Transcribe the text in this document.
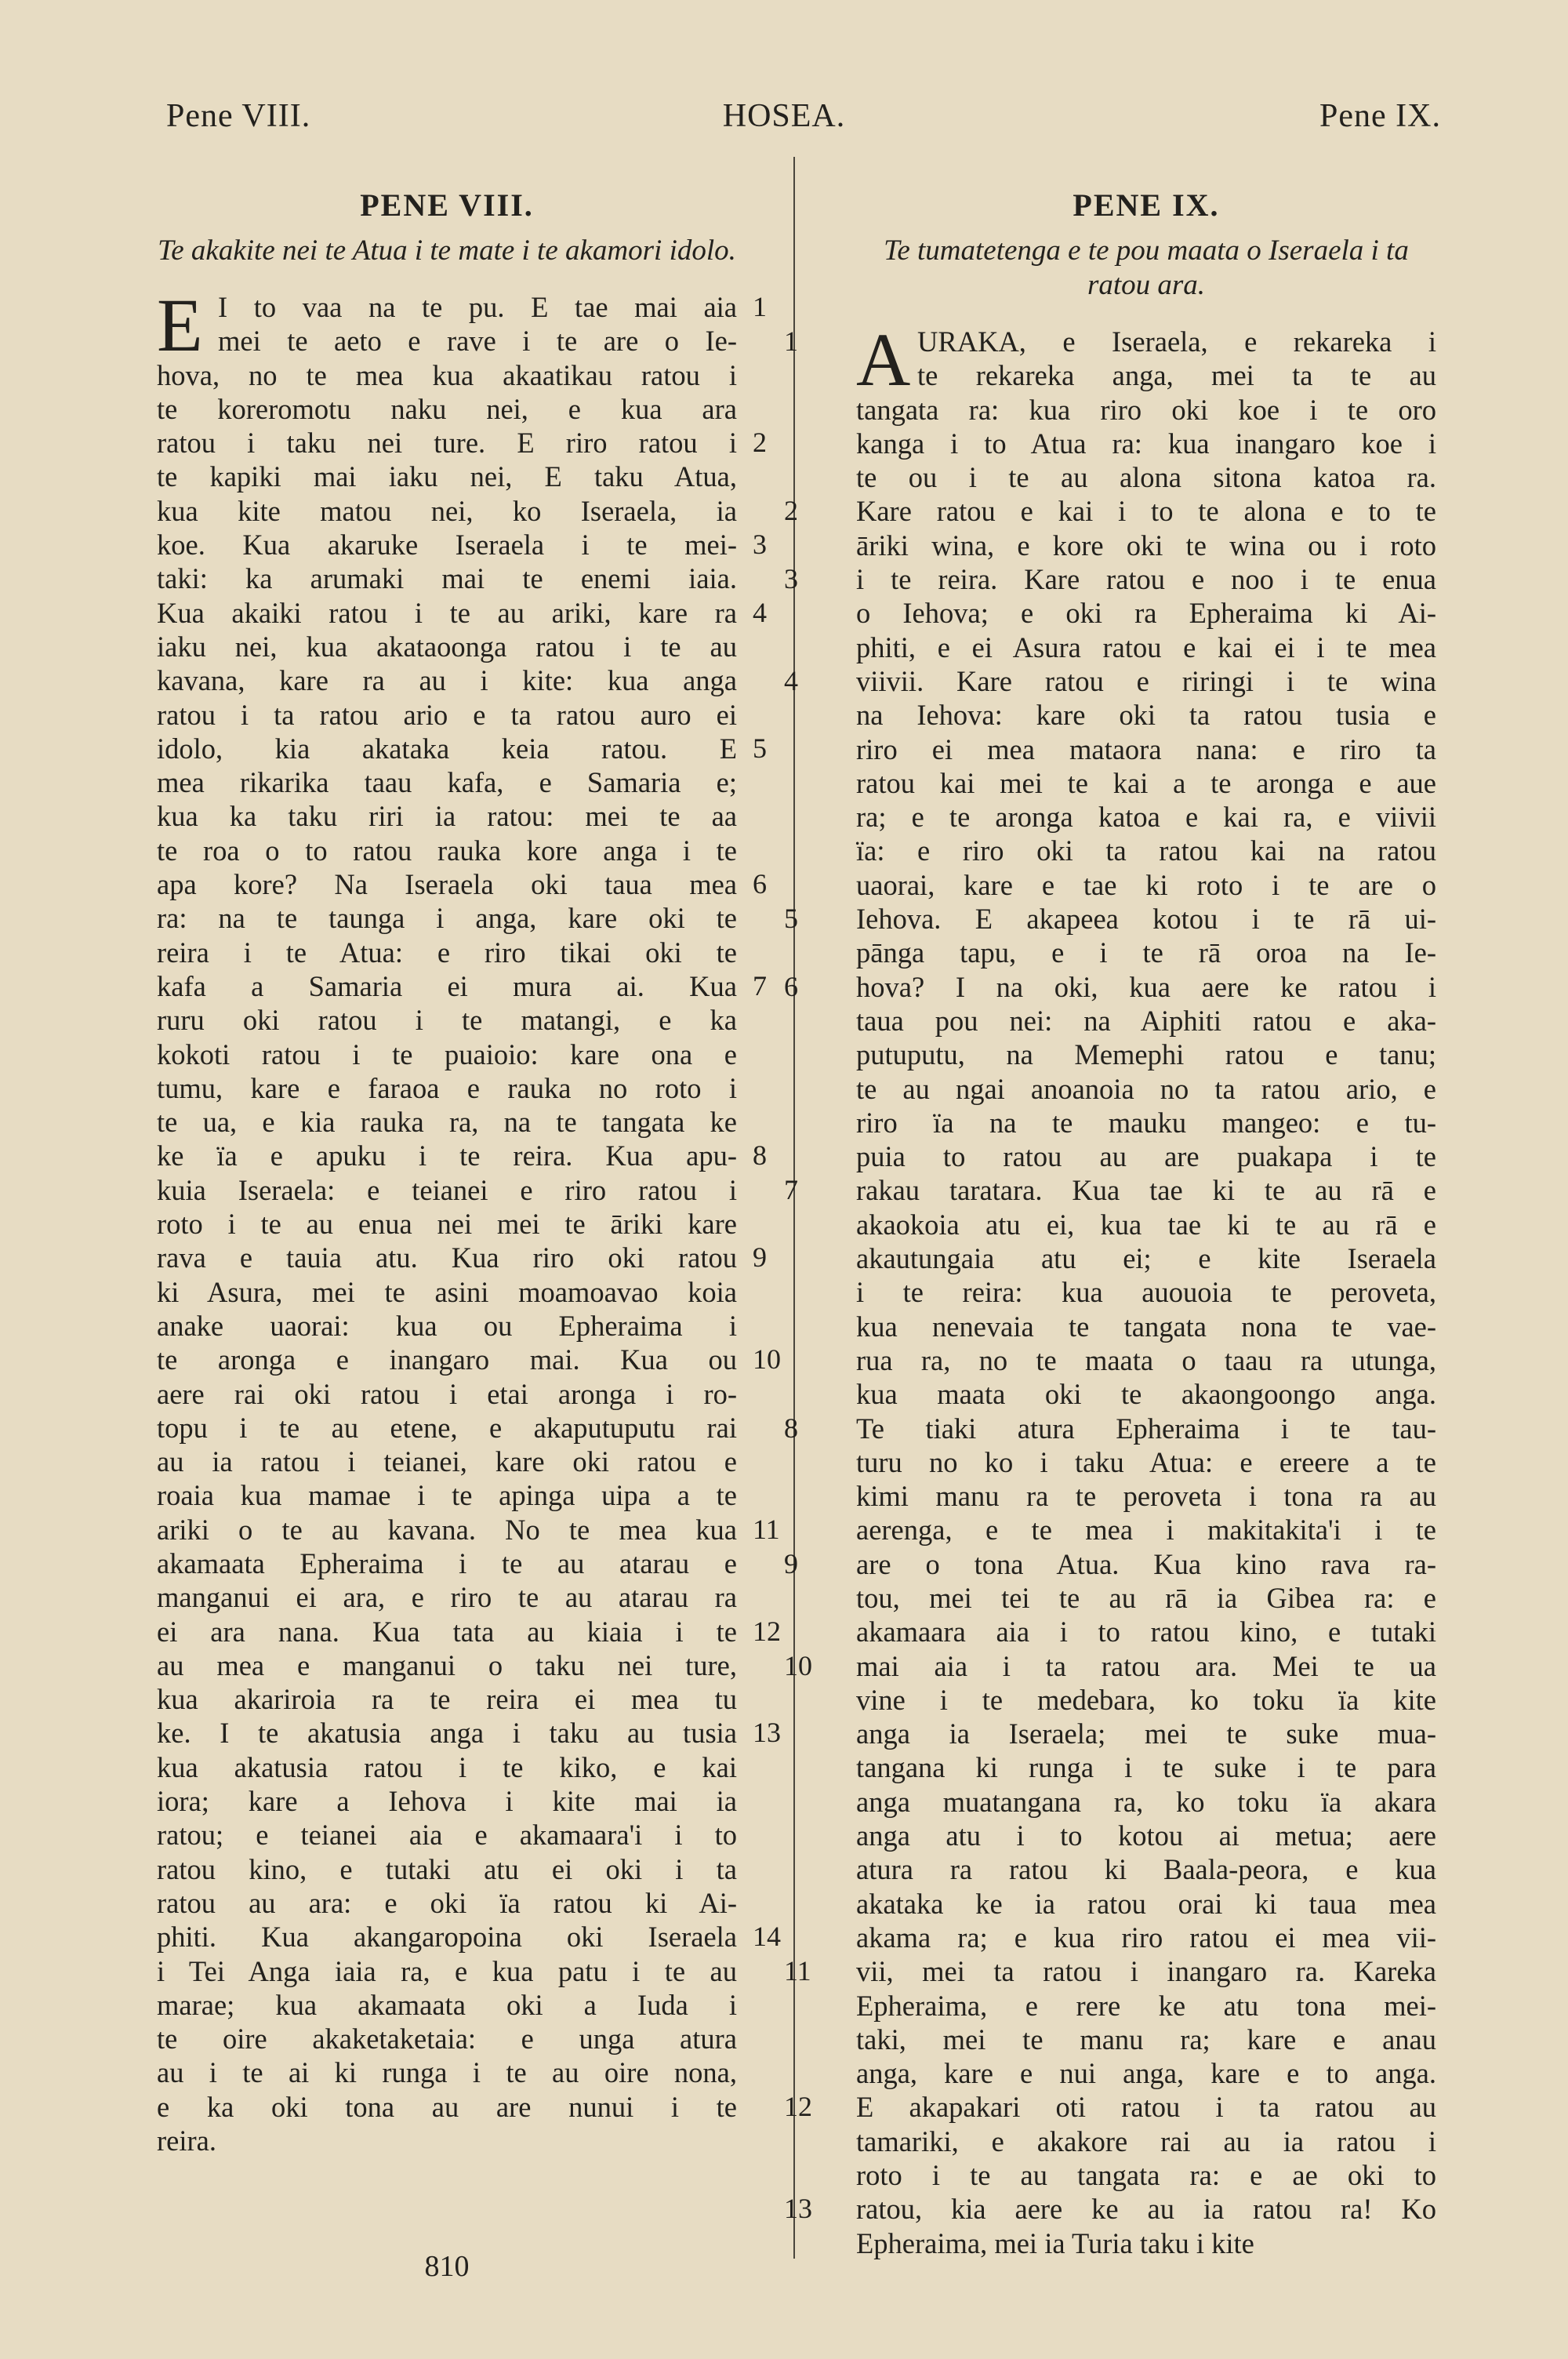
Pene VIII.	HOSEA.	Pene IX.
PENE VIII.

Te akakite nei te Atua i te mate i te akamori idolo.

E I to vaa na te pu. E tae mai aia 1
mei te aeto e rave i te are o Ie-
hova, no te mea kua akaatikau ratou i
te koreromotu naku nei, e kua ara
ratou i taku nei ture. E riro ratou i 2
te kapiki mai iaku nei, E taku Atua,
kua kite matou nei, ko Iseraela, ia
koe. Kua akaruke Iseraela i te mei- 3
taki: ka arumaki mai te enemi iaia.
Kua akaiki ratou i te au ariki, kare ra 4
iaku nei, kua akataoonga ratou i te au
kavana, kare ra au i kite: kua anga
ratou i ta ratou ario e ta ratou auro ei
idolo, kia akataka keia ratou. E 5
mea rikarika taau kafa, e Samaria e;
kua ka taku riri ia ratou: mei te aa
te roa o to ratou rauka kore anga i te
apa kore? Na Iseraela oki taua mea 6
ra: na te taunga i anga, kare oki te
reira i te Atua: e riro tikai oki te
kafa a Samaria ei mura ai. Kua 7
ruru oki ratou i te matangi, e ka
kokoti ratou i te puaioio: kare ona e
tumu, kare e faraoa e rauka no roto i
te ua, e kia rauka ra, na te tangata ke
ke ïa e apuku i te reira. Kua apu- 8
kuia Iseraela: e teianei e riro ratou i
roto i te au enua nei mei te āriki kare
rava e tauia atu. Kua riro oki ratou 9
ki Asura, mei te asini moamoavao koia
anake uaorai: kua ou Epheraima i
te aronga e inangaro mai. Kua ou 10
aere rai oki ratou i etai aronga i ro-
topu i te au etene, e akaputuputu rai
au ia ratou i teianei, kare oki ratou e
roaia kua mamae i te apinga uipa a te
ariki o te au kavana. No te mea kua 11
akamaata Epheraima i te au atarau e
manganui ei ara, e riro te au atarau ra
ei ara nana. Kua tata au kiaia i te 12
au mea e manganui o taku nei ture,
kua akariroia ra te reira ei mea tu
ke. I te akatusia anga i taku au tusia 13
kua akatusia ratou i te kiko, e kai
iora; kare a Iehova i kite mai ia
ratou; e teianei aia e akamaara'i i to
ratou kino, e tutaki atu ei oki i ta
ratou au ara: e oki ïa ratou ki Ai-
phiti. Kua akangaropoina oki Iseraela 14
i Tei Anga iaia ra, e kua patu i te au
marae; kua akamaata oki a Iuda i
te oire akaketaketaia: e unga atura
au i te ai ki runga i te au oire nona,
e ka oki tona au are nunui i te
reira.
PENE IX.

Te tumatetenga e te pou maata o Iseraela i ta ratou ara.

A URAKA, e Iseraela, e rekareka i
1
te rekareka anga, mei ta te au
tangata ra: kua riro oki koe i te oro
kanga i to Atua ra: kua inangaro koe i
te ou i te au alona sitona katoa ra.
Kare ratou e kai i to te alona e to te
2
āriki wina, e kore oki te wina ou i roto
i te reira. Kare ratou e noo i te enua
3
o Iehova; e oki ra Epheraima ki Ai-
phiti, e ei Asura ratou e kai ei i te mea
viivii. Kare ratou e riringi i te wina
4
na Iehova: kare oki ta ratou tusia e
riro ei mea mataora nana: e riro ta
ratou kai mei te kai a te aronga e aue
ra; e te aronga katoa e kai ra, e viivii
ïa: e riro oki ta ratou kai na ratou
uaorai, kare e tae ki roto i te are o
Iehova. E akapeea kotou i te rā ui-
5
pānga tapu, e i te rā oroa na Ie-
hova? I na oki, kua aere ke ratou i
6
taua pou nei: na Aiphiti ratou e aka-
putuputu, na Memephi ratou e tanu;
te au ngai anoanoia no ta ratou ario, e
riro ïa na te mauku mangeo: e tu-
puia to ratou au are puakapa i te
rakau taratara. Kua tae ki te au rā e
7
akaokoia atu ei, kua tae ki te au rā e
akautungaia atu ei; e kite Iseraela
i te reira: kua auouoia te peroveta,
kua nenevaia te tangata nona te vae-
rua ra, no te maata o taau ra utunga,
kua maata oki te akaongoongo anga.
Te tiaki atura Epheraima i te tau-
8
turu no ko i taku Atua: e ereere a te
kimi manu ra te peroveta i tona ra au
aerenga, e te mea i makitakita'i i te
are o tona Atua. Kua kino rava ra-
9
tou, mei tei te au rā ia Gibea ra: e
akamaara aia i to ratou kino, e tutaki
mai aia i ta ratou ara. Mei te ua
10
vine i te medebara, ko toku ïa kite
anga ia Iseraela; mei te suke mua-
tangana ki runga i te suke i te para
anga muatangana ra, ko toku ïa akara
anga atu i to kotou ai metua; aere
atura ra ratou ki Baala-peora, e kua
akataka ke ia ratou orai ki taua mea
akama ra; e kua riro ratou ei mea vii-
vii, mei ta ratou i inangaro ra. Kareka
11
Epheraima, e rere ke atu tona mei-
taki, mei te manu ra; kare e anau
anga, kare e nui anga, kare e to anga.
E akapakari oti ratou i ta ratou au
12
tamariki, e akakore rai au ia ratou i
roto i te au tangata ra: e ae oki to
ratou, kia aere ke au ia ratou ra! Ko
13
Epheraima, mei ia Turia taku i kite
810
